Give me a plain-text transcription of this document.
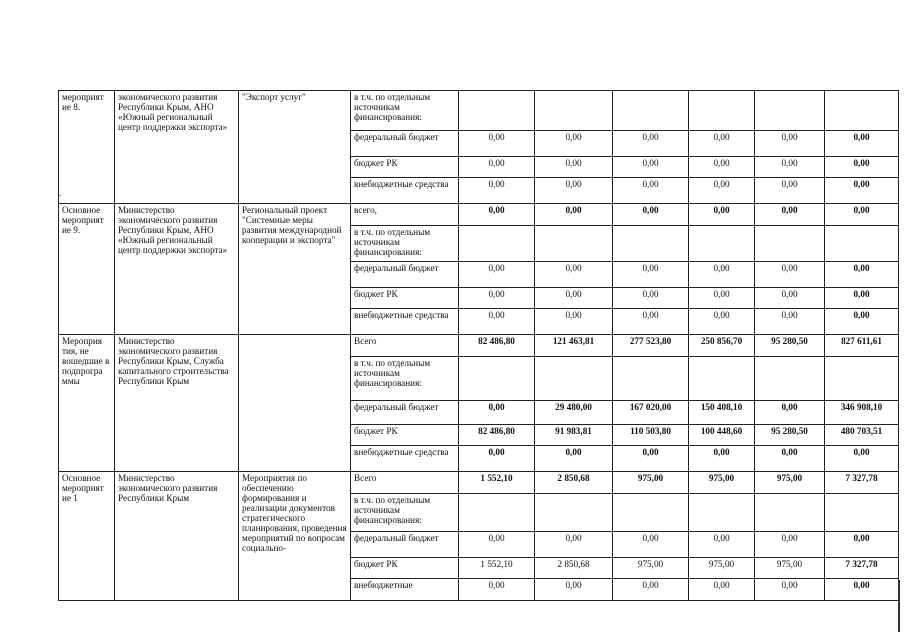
мероприят ие 8.	экономического развития Республики Крым, АНО «Южный региональный центр поддержки экспорта»	"Экспорт услуг"	в т.ч. по отдельным источникам финансирования:						
			федеральный бюджет	0,00	0,00	0,00	0,00	0,00	0,00
			бюджет РК	0,00	0,00	0,00	0,00	0,00	0,00
			внебюджетные средства	0,00	0,00	0,00	0,00	0,00	0,00
Основное мероприят ие 9.	Министерство экономического развития Республики Крым, АНО «Южный региональный центр поддержки экспорта»	Региональный проект "Системные меры развития международной кооперации и экспорта"	всего,	0,00	0,00	0,00	0,00	0,00	0,00
			в т.ч. по отдельным источникам финансирования:						
			федеральный бюджет	0,00	0,00	0,00	0,00	0,00	0,00
			бюджет РК	0,00	0,00	0,00	0,00	0,00	0,00
			внебюджетные средства	0,00	0,00	0,00	0,00	0,00	0,00
Мероприя тия, не вошедшие в подпрогра ммы	Министерство экономического развития Республики Крым, Служба капитального строительства Республики Крым		Всего	82 486,80	121 463,81	277 523,80	250 856,70	95 280,50	827 611,61
			в т.ч. по отдельным источникам финансирования:						
			федеральный бюджет	0,00	29 480,00	167 020,00	150 408,10	0,00	346 908,10
			бюджет РК	82 486,80	91 983,81	110 503,80	100 448,60	95 280,50	480 703,51
			внебюджетные средства	0,00	0,00	0,00	0,00	0,00	0,00
Основное мероприят ие 1	Министерство экономического развития Республики Крым	Мероприятия по обеспечению формирования и реализации документов стратегического планирования, проведения мероприятий по вопросам социально-	Всего	1 552,10	2 850,68	975,00	975,00	975,00	7 327,78
			в т.ч. по отдельным источникам финансирования:						
			федеральный бюджет	0,00	0,00	0,00	0,00	0,00	0,00
			бюджет РК	1 552,10	2 850,68	975,00	975,00	975,00	7 327,78
			внебюджетные	0,00	0,00	0,00	0,00	0,00	0,00
.
